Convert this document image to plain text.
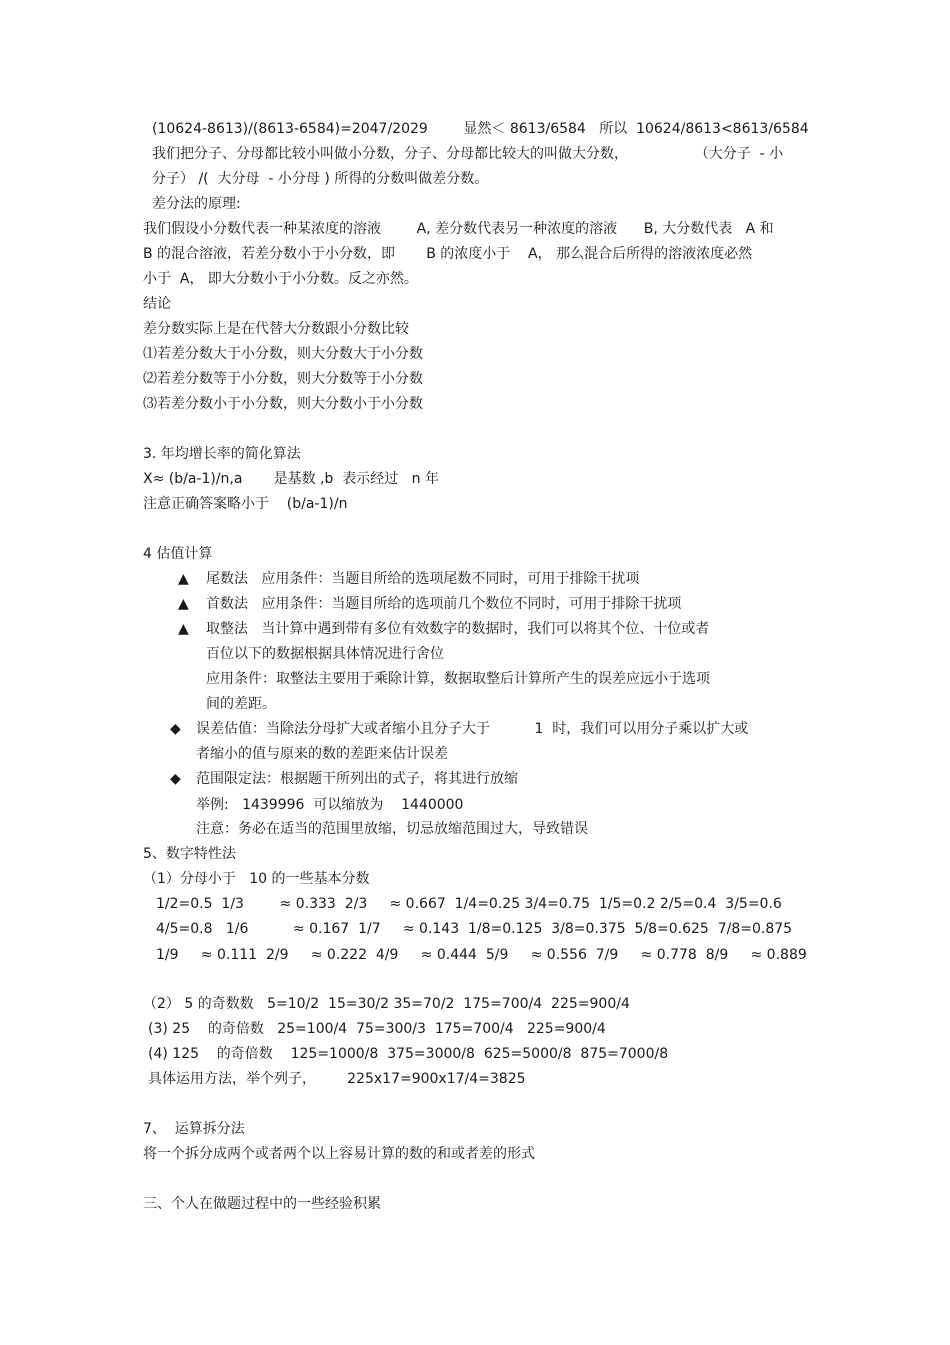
(10624-8613)/(8613-6584)=2047/2029        显然＜ 8613/6584   所以  10624/8613<8613/6584
我们把分子、分母都比较小叫做小分数，分子、分母都比较大的叫做大分数，               （大分子  - 小
分子） /(  大分母  - 小分母 ) 所得的分数叫做差分数。
差分法的原理:
我们假设小分数代表一种某浓度的溶液        A, 差分数代表另一种浓度的溶液      B, 大分数代表   A 和
B 的混合溶液，若差分数小于小分数，即       B 的浓度小于    A， 那么混合后所得的溶液浓度必然
小于  A， 即大分数小于小分数。反之亦然。
结论
差分数实际上是在代替大分数跟小分数比较
⑴若差分数大于小分数，则大分数大于小分数
⑵若差分数等于小分数，则大分数等于小分数
⑶若差分数小于小分数，则大分数小于小分数
3. 年均增长率的简化算法
X≈ (b/a-1)/n,a       是基数 ,b  表示经过   n 年
注意正确答案略小于    (b/a-1)/n
4 估值计算
▲ 尾数法   应用条件：当题目所给的选项尾数不同时，可用于排除干扰项
▲ 首数法   应用条件：当题目所给的选项前几个数位不同时，可用于排除干扰项
▲ 取整法   当计算中遇到带有多位有效数字的数据时，我们可以将其个位、十位或者
百位以下的数据根据具体情况进行舍位
应用条件：取整法主要用于乘除计算，数据取整后计算所产生的误差应远小于选项
间的差距。
◆ 误差估值：当除法分母扩大或者缩小且分子大于          1  时，我们可以用分子乘以扩大或
者缩小的值与原来的数的差距来估计误差
◆ 范围限定法：根据题干所列出的式子，将其进行放缩
举例:   1439996  可以缩放为    1440000
注意：务必在适当的范围里放缩，切忌放缩范围过大，导致错误
5、数字特性法
（1）分母小于   10 的一些基本分数
1/2=0.5  1/3        ≈ 0.333  2/3     ≈ 0.667  1/4=0.25 3/4=0.75  1/5=0.2 2/5=0.4  3/5=0.6
4/5=0.8   1/6          ≈ 0.167  1/7     ≈ 0.143  1/8=0.125  3/8=0.375  5/8=0.625  7/8=0.875
1/9     ≈ 0.111  2/9     ≈ 0.222  4/9     ≈ 0.444  5/9     ≈ 0.556  7/9     ≈ 0.778  8/9     ≈ 0.889
（2） 5 的奇数数   5=10/2  15=30/2 35=70/2  175=700/4  225=900/4
(3) 25    的奇倍数   25=100/4  75=300/3  175=700/4   225=900/4
(4) 125    的奇倍数    125=1000/8  375=3000/8  625=5000/8  875=7000/8
具体运用方法，举个列子，       225x17=900x17/4=3825
7、  运算拆分法
将一个拆分成两个或者两个以上容易计算的数的和或者差的形式
三、个人在做题过程中的一些经验积累
